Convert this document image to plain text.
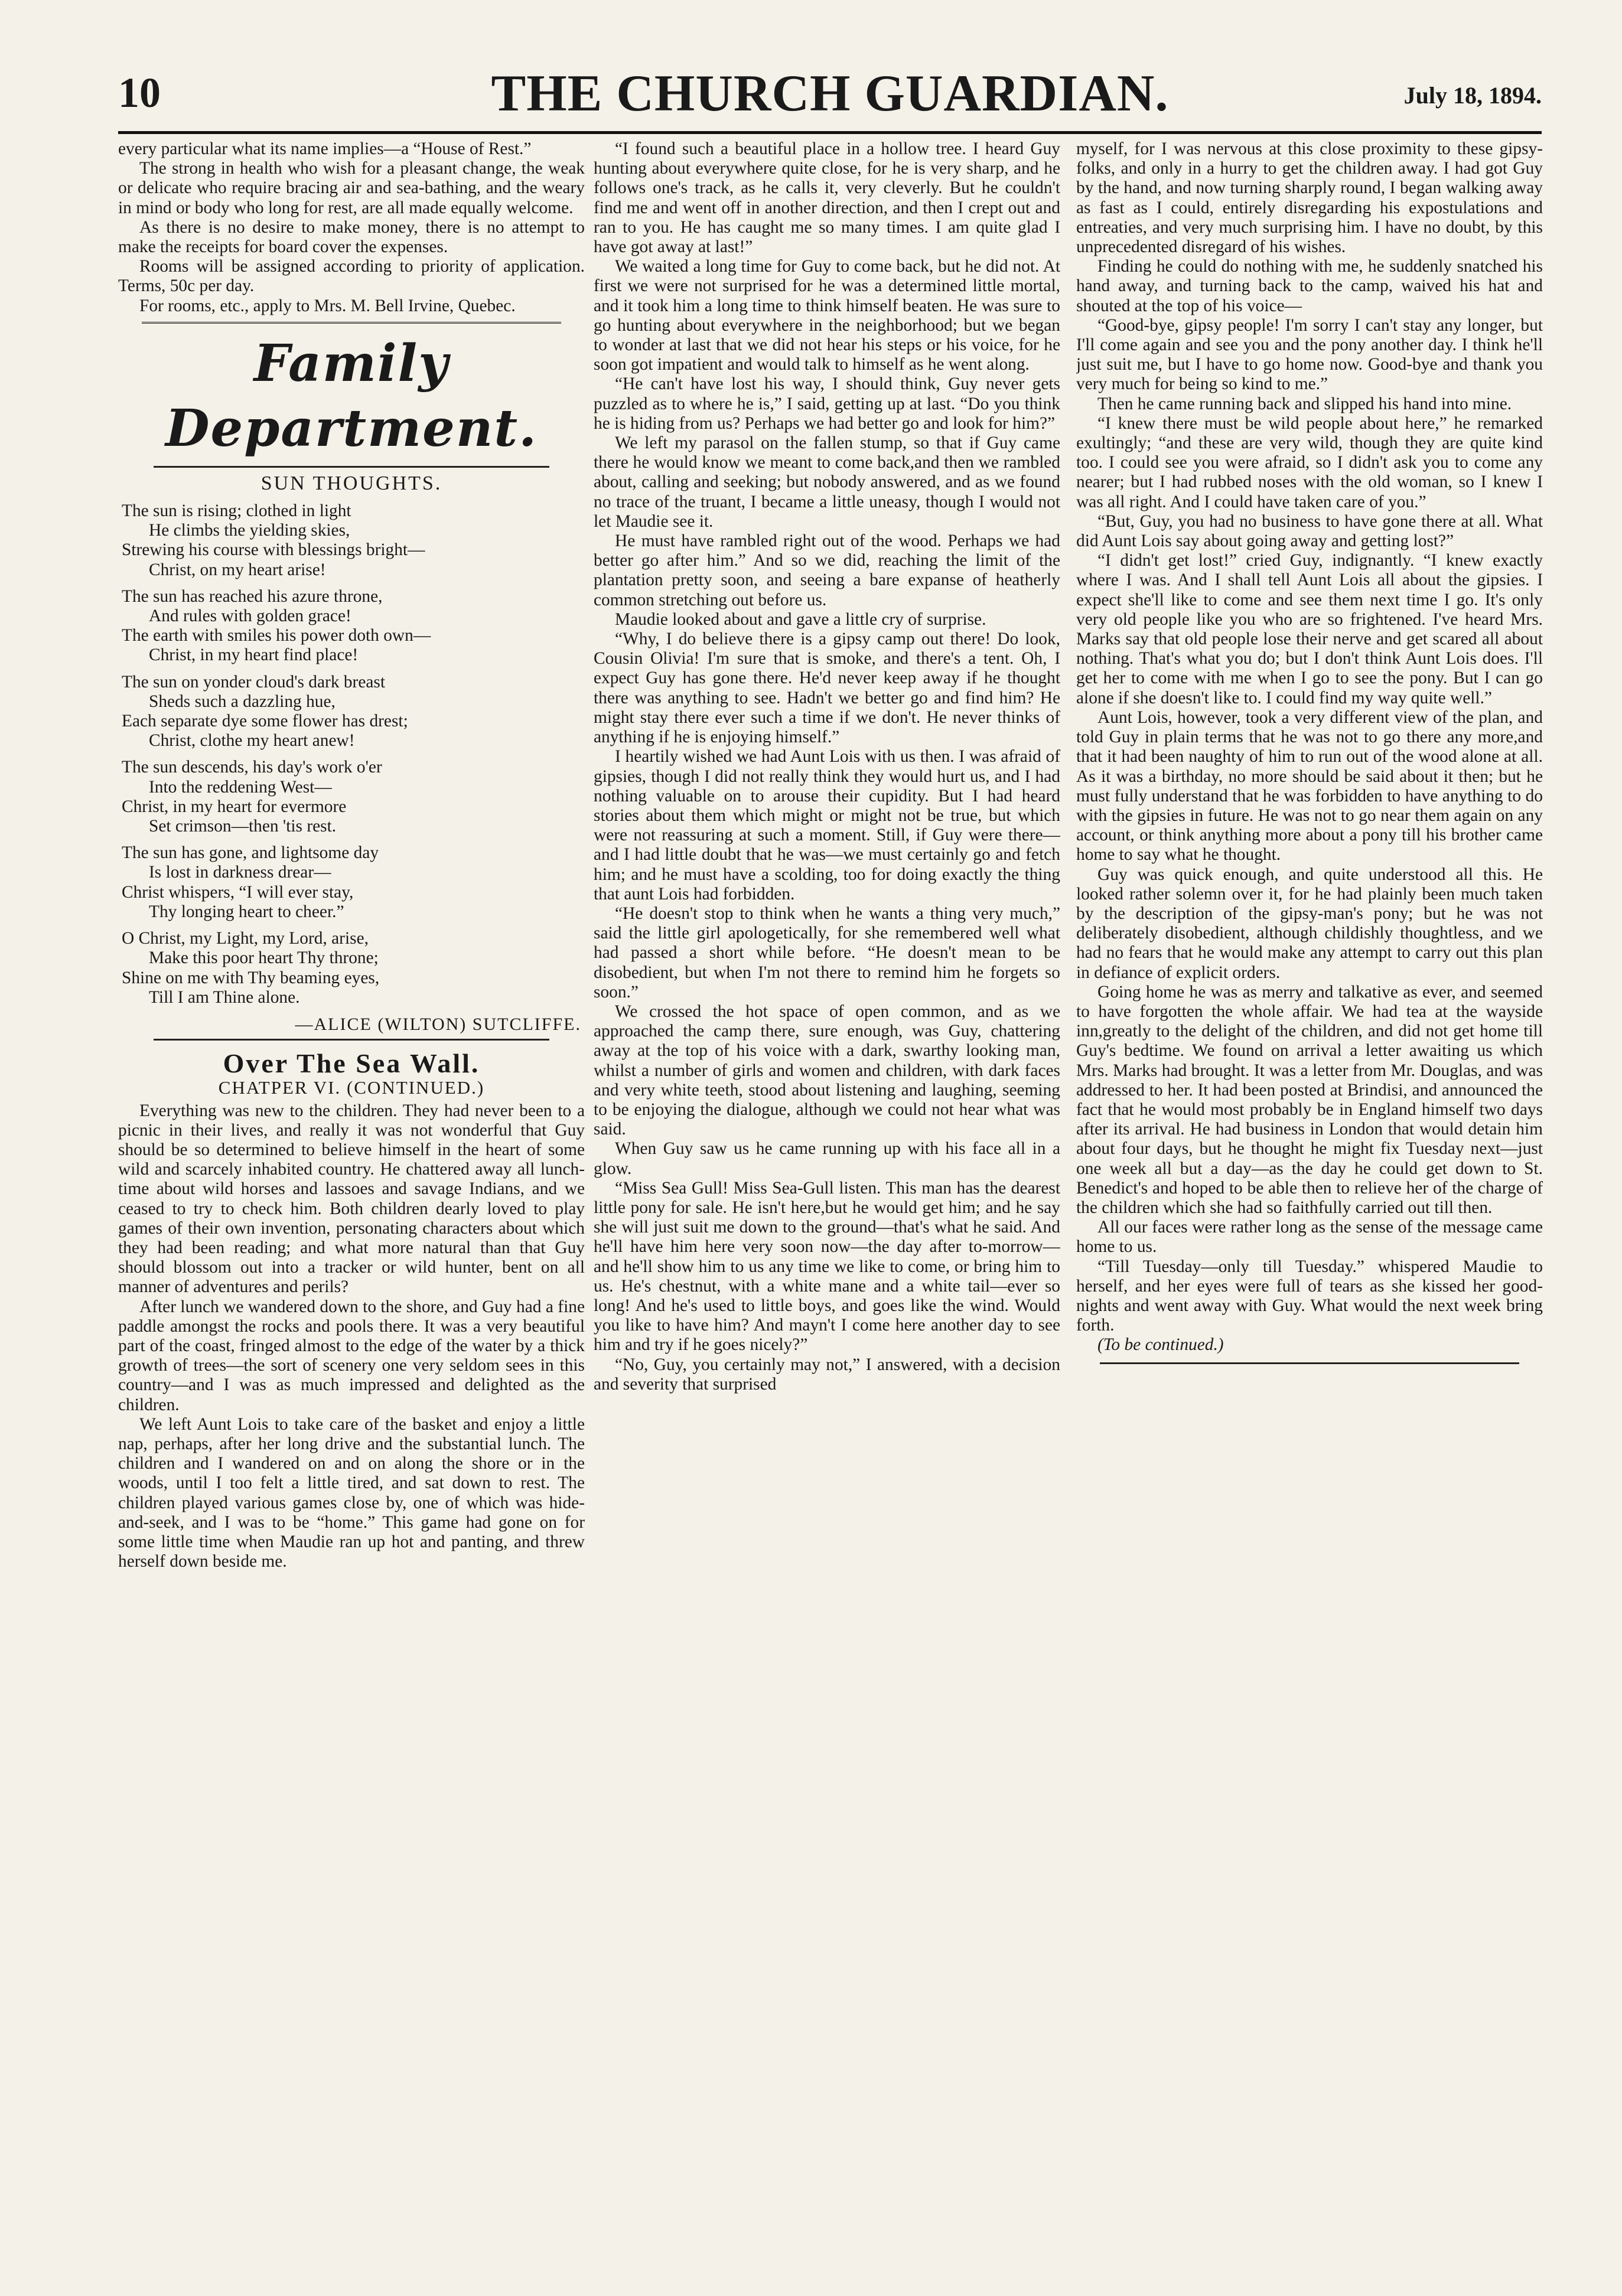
10	THE CHURCH GUARDIAN.	July 18, 1894.

every particular what its name implies—a “House of Rest.”

The strong in health who wish for a pleasant change, the weak or delicate who require bracing air and sea-bathing, and the weary in mind or body who long for rest, are all made equally welcome.

As there is no desire to make money, there is no attempt to make the receipts for board cover the expenses.

Rooms will be assigned according to priority of application. Terms, 50c per day.

For rooms, etc., apply to Mrs. M. Bell Irvine, Quebec.

Family Department.
SUN THOUGHTS.
The sun is rising; clothed in light
He climbs the yielding skies,
Strewing his course with blessings bright—
Christ, on my heart arise!
The sun has reached his azure throne,
And rules with golden grace!
The earth with smiles his power doth own—
Christ, in my heart find place!
The sun on yonder cloud's dark breast
Sheds such a dazzling hue,
Each separate dye some flower has drest;
Christ, clothe my heart anew!
The sun descends, his day's work o'er
Into the reddening West—
Christ, in my heart for evermore
Set crimson—then 'tis rest.
The sun has gone, and lightsome day
Is lost in darkness drear—
Christ whispers, “I will ever stay,
Thy longing heart to cheer.”
O Christ, my Light, my Lord, arise,
Make this poor heart Thy throne;
Shine on me with Thy beaming eyes,
Till I am Thine alone.
—ALICE (WILTON) SUTCLIFFE.
Over The Sea Wall.
CHATPER VI. (CONTINUED.)

Everything was new to the children. They had never been to a picnic in their lives, and really it was not wonderful that Guy should be so determined to believe himself in the heart of some wild and scarcely inhabited country. He chattered away all lunch-time about wild horses and lassoes and savage Indians, and we ceased to try to check him. Both children dearly loved to play games of their own invention, personating characters about which they had been reading; and what more natural than that Guy should blossom out into a tracker or wild hunter, bent on all manner of adventures and perils?

After lunch we wandered down to the shore, and Guy had a fine paddle amongst the rocks and pools there. It was a very beautiful part of the coast, fringed almost to the edge of the water by a thick growth of trees—the sort of scenery one very seldom sees in this country—and I was as much impressed and delighted as the children.

We left Aunt Lois to take care of the basket and enjoy a little nap, perhaps, after her long drive and the substantial lunch. The children and I wandered on and on along the shore or in the woods, until I too felt a little tired, and sat down to rest. The children played various games close by, one of which was hide-and-seek, and I was to be “home.” This game had gone on for some little time when Maudie ran up hot and panting, and threw herself down beside me.

“I found such a beautiful place in a hollow tree. I heard Guy hunting about everywhere quite close, for he is very sharp, and he follows one's track, as he calls it, very cleverly. But he couldn't find me and went off in another direction, and then I crept out and ran to you. He has caught me so many times. I am quite glad I have got away at last!”

We waited a long time for Guy to come back, but he did not. At first we were not surprised for he was a determined little mortal, and it took him a long time to think himself beaten. He was sure to go hunting about everywhere in the neighborhood; but we began to wonder at last that we did not hear his steps or his voice, for he soon got impatient and would talk to himself as he went along.

“He can't have lost his way, I should think, Guy never gets puzzled as to where he is,” I said, getting up at last. “Do you think he is hiding from us? Perhaps we had better go and look for him?”

We left my parasol on the fallen stump, so that if Guy came there he would know we meant to come back,and then we rambled about, calling and seeking; but nobody answered, and as we found no trace of the truant, I became a little uneasy, though I would not let Maudie see it.

He must have rambled right out of the wood. Perhaps we had better go after him.” And so we did, reaching the limit of the plantation pretty soon, and seeing a bare expanse of heatherly common stretching out before us.

Maudie looked about and gave a little cry of surprise.

“Why, I do believe there is a gipsy camp out there! Do look, Cousin Olivia! I'm sure that is smoke, and there's a tent. Oh, I expect Guy has gone there. He'd never keep away if he thought there was anything to see. Hadn't we better go and find him? He might stay there ever such a time if we don't. He never thinks of anything if he is enjoying himself.”

I heartily wished we had Aunt Lois with us then. I was afraid of gipsies, though I did not really think they would hurt us, and I had nothing valuable on to arouse their cupidity. But I had heard stories about them which might or might not be true, but which were not reassuring at such a moment. Still, if Guy were there—and I had little doubt that he was—we must certainly go and fetch him; and he must have a scolding, too for doing exactly the thing that aunt Lois had forbidden.

“He doesn't stop to think when he wants a thing very much,” said the little girl apologetically, for she remembered well what had passed a short while before. “He doesn't mean to be disobedient, but when I'm not there to remind him he forgets so soon.”

We crossed the hot space of open common, and as we approached the camp there, sure enough, was Guy, chattering away at the top of his voice with a dark, swarthy looking man, whilst a number of girls and women and children, with dark faces and very white teeth, stood about listening and laughing, seeming to be enjoying the dialogue, although we could not hear what was said.

When Guy saw us he came running up with his face all in a glow.

“Miss Sea Gull! Miss Sea-Gull listen. This man has the dearest little pony for sale. He isn't here,but he would get him; and he say she will just suit me down to the ground—that's what he said. And he'll have him here very soon now—the day after to-morrow— and he'll show him to us any time we like to come, or bring him to us. He's chestnut, with a white mane and a white tail—ever so long! And he's used to little boys, and goes like the wind. Would you like to have him? And mayn't I come here another day to see him and try if he goes nicely?”

“No, Guy, you certainly may not,” I answered, with a decision and severity that surprised

myself, for I was nervous at this close proximity to these gipsy-folks, and only in a hurry to get the children away. I had got Guy by the hand, and now turning sharply round, I began walking away as fast as I could, entirely disregarding his expostulations and entreaties, and very much surprising him. I have no doubt, by this unprecedented disregard of his wishes.

Finding he could do nothing with me, he suddenly snatched his hand away, and turning back to the camp, waived his hat and shouted at the top of his voice—

“Good-bye, gipsy people! I'm sorry I can't stay any longer, but I'll come again and see you and the pony another day. I think he'll just suit me, but I have to go home now. Good-bye and thank you very much for being so kind to me.”

Then he came running back and slipped his hand into mine.

“I knew there must be wild people about here,” he remarked exultingly; “and these are very wild, though they are quite kind too. I could see you were afraid, so I didn't ask you to come any nearer; but I had rubbed noses with the old woman, so I knew I was all right. And I could have taken care of you.”

“But, Guy, you had no business to have gone there at all. What did Aunt Lois say about going away and getting lost?”

“I didn't get lost!” cried Guy, indignantly. “I knew exactly where I was. And I shall tell Aunt Lois all about the gipsies. I expect she'll like to come and see them next time I go. It's only very old people like you who are so frightened. I've heard Mrs. Marks say that old people lose their nerve and get scared all about nothing. That's what you do; but I don't think Aunt Lois does. I'll get her to come with me when I go to see the pony. But I can go alone if she doesn't like to. I could find my way quite well.”

Aunt Lois, however, took a very different view of the plan, and told Guy in plain terms that he was not to go there any more,and that it had been naughty of him to run out of the wood alone at all. As it was a birthday, no more should be said about it then; but he must fully understand that he was forbidden to have anything to do with the gipsies in future. He was not to go near them again on any account, or think anything more about a pony till his brother came home to say what he thought.

Guy was quick enough, and quite understood all this. He looked rather solemn over it, for he had plainly been much taken by the description of the gipsy-man's pony; but he was not deliberately disobedient, although childishly thoughtless, and we had no fears that he would make any attempt to carry out this plan in defiance of explicit orders.

Going home he was as merry and talkative as ever, and seemed to have forgotten the whole affair. We had tea at the wayside inn,greatly to the delight of the children, and did not get home till Guy's bedtime. We found on arrival a letter awaiting us which Mrs. Marks had brought. It was a letter from Mr. Douglas, and was addressed to her. It had been posted at Brindisi, and announced the fact that he would most probably be in England himself two days after its arrival. He had business in London that would detain him about four days, but he thought he might fix Tuesday next—just one week all but a day—as the day he could get down to St. Benedict's and hoped to be able then to relieve her of the charge of the children which she had so faithfully carried out till then.

All our faces were rather long as the sense of the message came home to us.

“Till Tuesday—only till Tuesday.” whispered Maudie to herself, and her eyes were full of tears as she kissed her good-nights and went away with Guy. What would the next week bring forth.

(To be continued.)
